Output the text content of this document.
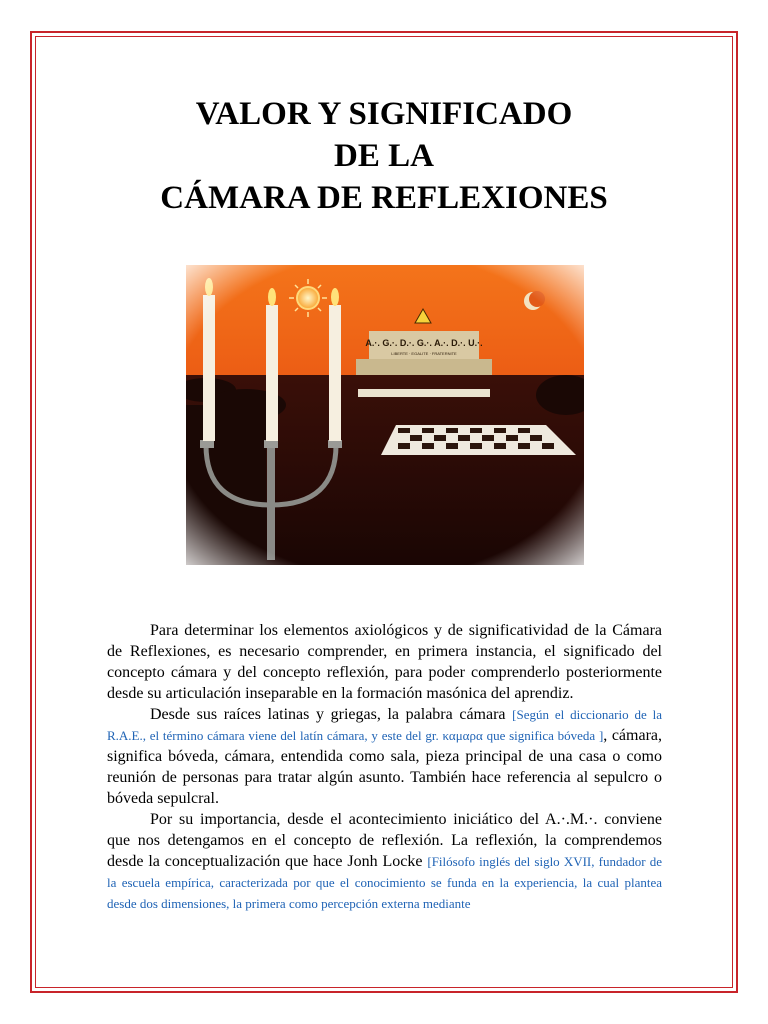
VALOR Y SIGNIFICADO
DE LA
CÁMARA DE REFLEXIONES

Para determinar los elementos axiológicos y de significatividad de la Cámara de Reflexiones, es necesario comprender, en primera instancia, el significado del concepto cámara y del concepto reflexión, para poder comprenderlo posteriormente desde su articulación inseparable en la formación masónica del aprendiz.

Desde sus raíces latinas y griegas, la palabra cámara [Según el diccionario de la R.A.E., el término cámara viene del latín cámara, y este del gr. καμαρα que significa bóveda ], cámara, significa bóveda, cámara, entendida como sala, pieza principal de una casa o como reunión de personas para tratar algún asunto. También hace referencia al sepulcro o bóveda sepulcral.

Por su importancia, desde el acontecimiento iniciático del A.·.M.·. conviene que nos detengamos en el concepto de reflexión. La reflexión, la comprendemos desde la conceptualización que hace Jonh Locke [Filósofo inglés del siglo XVII, fundador de la escuela empírica, caracterizada por que el conocimiento se funda en la experiencia, la cual plantea desde dos dimensiones, la primera como percepción externa mediante
